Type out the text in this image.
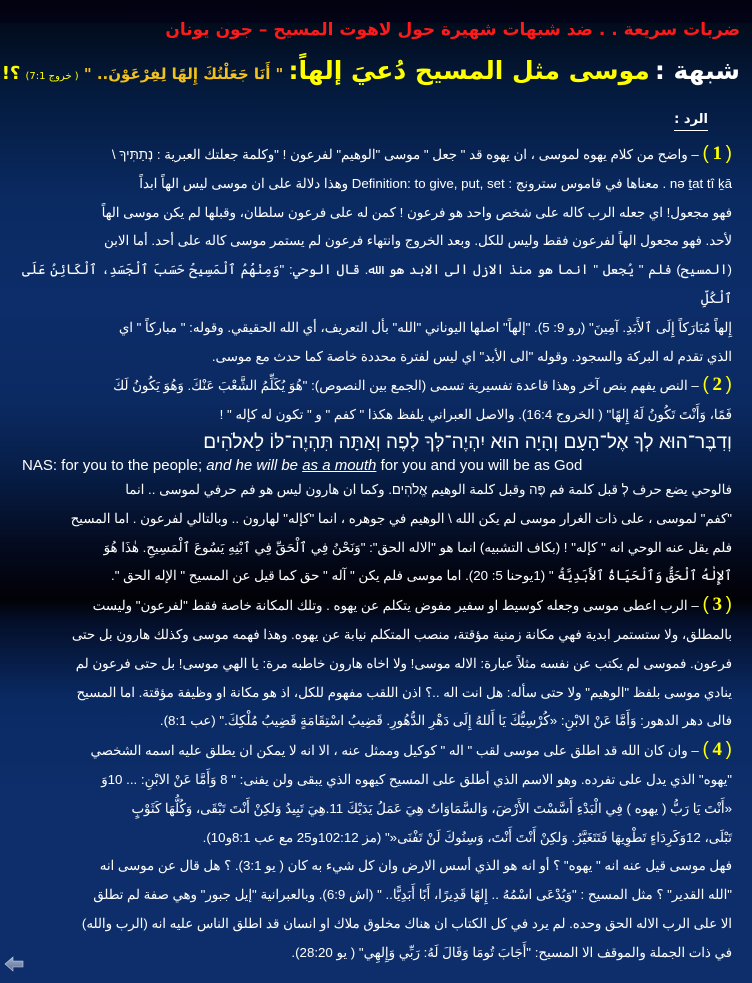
ضربات سريعة . . ضد شبهات شهيرة حول لاهوت المسيح – جون يونان
شبهة : موسى مثل المسيح دُعيَ إلهاً: " أَنَا جَعَلْتُكَ إِلهًا لِفِرْعَوْنَ.. " ( خروج 7:1) ؟!
الرد :

( 1 ) – واضح من كلام يهوه لموسى ، ان يهوه قد " جعل " موسى "الوهيم" لفرعون ! "وكلمة جعلتك العبرية : נְתַתִּיךָ \

nə ṯat tî ḵā . معناها في قاموس سترونج : Definition: to give, put, set وهذا دلالة على ان موسى ليس الهاً ابداً

فهو مجعول! اي جعله الرب كاله على شخص واحد هو فرعون ! كمن له على فرعون سلطان، وقبلها لم يكن موسى الهاً

لأحد. فهو مجعول الهاً لفرعون فقط وليس للكل. وبعد الخروج وانتهاء فرعون لم يستمر موسى كاله على أحد. أما الابن

(المسيح) فلم " يُجعل " انما هو منذ الازل الى الابد هو الله. قال الوحي: "وَمِنْهُمُ ٱلْمَسِيحُ حَسَبَ ٱلْجَسَدِ، ٱلْكَائِنُ عَلَى ٱلْكُلِّ

إِلهاً مُبَارَكاً إِلَى ٱلأَبَدِ. آمِينَ" (رو 9: 5). "إلهاً" اصلها اليوناني "الله" بأل التعريف، أي الله الحقيقي. وقوله: " مباركاً " اي

الذي تقدم له البركة والسجود. وقوله "الى الأبد" اي ليس لفترة محددة خاصة كما حدث مع موسى.

( 2 ) – النص يفهم بنص آخر وهذا قاعدة تفسيرية تسمى (الجمع بين النصوص): "هُوَ يُكَلِّمُ الشَّعْبَ عَنْكَ. وَهُوَ يَكُونُ لَكَ

فَمًا، وَأَنْتَ تَكُونُ لَهُ إِلهًا" ( الخروج 16:4). والاصل العبراني يلفظ هكذا " كفم " و " تكون له كإله " !

וְדִבֶּר־הוּא לְךָ אֶל־הָעָם וְהָיָה הוּא יִהְיֶה־לְּךָ לְפֶה וְאַתָּה תִּהְיֶה־לּוֹ לֵאלֹהִים׃

NAS: for you to the people; and he will be as a mouth for you and you will be as God

فالوحي يضع حرف לְ قبل كلمة فم פֶּה وقبل كلمة الوهيم אֱלֹהִים. وكما ان هارون ليس هو فم حرفي لموسى .. انما

"كفم" لموسى ، على ذات الغرار موسى لم يكن الله \ الوهيم في جوهره ، انما "كإله" لهارون .. وبالتالي لفرعون . اما المسيح

فلم يقل عنه الوحي انه " كإله" ! (بكاف التشبيه) انما هو "الاله الحق": "وَنَحْنُ فِي ٱلْحَقِّ فِي ٱبْنِهِ يَسُوعَ ٱلْمَسِيحِ. هٰذَا هُوَ

ٱلإِلٰهُ ٱلْحَقُّ وَٱلْحَيَاةُ ٱلأَبَدِيَّةُ " (1يوحنا 5: 20). اما موسى فلم يكن " آله " حق كما قيل عن المسيح " الإله الحق ".

( 3 ) – الرب اعطى موسى وجعله كوسيط او سفير مفوض يتكلم عن يهوه . وتلك المكانة خاصة فقط "لفرعون" وليست

بالمطلق، ولا ستستمر ابدية فهي مكانة زمنية مؤقتة، منصب المتكلم نيابة عن يهوه. وهذا فهمه موسى وكذلك هارون بل حتى

فرعون. فموسى لم يكتب عن نفسه مثلاً عبارة: الاله موسى! ولا اخاه هارون خاطبه مرة: يا الهي موسى! بل حتى فرعون لم

ينادي موسى بلفظ "الوهيم" ولا حتى سأله: هل انت اله ..؟ اذن اللقب مفهوم للكل، اذ هو مكانة او وظيفة مؤقتة. اما المسيح

فالى دهر الدهور: وَأَمَّا عَنْ الابْنِ: «كُرْسِيُّكَ يَا أَللهُ إِلَى دَهْرِ الدُّهُورِ. قَضِيبُ اسْتِقَامَةٍ قَضِيبُ مُلْكِكَ." (عب 8:1).

( 4 ) – وان كان الله قد اطلق على موسى لقب " اله " كوكيل وممثل عنه ، الا انه لا يمكن ان يطلق عليه اسمه الشخصي

"يهوه" الذي يدل على تفرده. وهو الاسم الذي أطلق على المسيح كيهوه الذي يبقى ولن يفنى: " 8 وَأَمَّا عَنْ الابْنِ: ... 10وَ

«أَنْتَ يَا رَبُّ ( يهوه ) فِي الْبَدْءِ أَسَّسْتَ الأَرْضَ، وَالسَّمَاوَاتُ هِيَ عَمَلُ يَدَيْكَ 11.هِيَ تَبِيدُ وَلكِنْ أَنْتَ تَبْقَى، وَكُلُّهَا كَثَوْبٍ

تَبْلَى، 12وَكَرِدَاءٍ تَطْوِيهَا فَتَتَغَيَّرُ. وَلكِنْ أَنْتَ أَنْتَ، وَسِنُوكَ لَنْ تَفْنَى«" (مز 102:12و25 مع عب 8:1و10).

فهل موسى قيل عنه انه " يهوه" ؟ أو انه هو الذي أسس الارض وان كل شيء به كان ( يو 3:1). ؟ هل قال عن موسى انه

"الله القدير" ؟ مثل المسيح : "وَيُدْعَى اسْمُهُ .. إِلهًا قَدِيرًا، أَبًا أَبَدِيًّا.. " (اش 6:9). وبالعبرانية "إيل جبور" وهي صفة لم تطلق

الا على الرب الاله الحق وحده. لم يرد في كل الكتاب ان هناك مخلوق ملاك او انسان قد اطلق الناس عليه انه (الرب والله)

في ذات الجملة والموقف الا المسيح: "أَجَابَ تُومَا وَقَالَ لَهُ: رَبِّي وَإِلهِي" ( يو 28:20).
